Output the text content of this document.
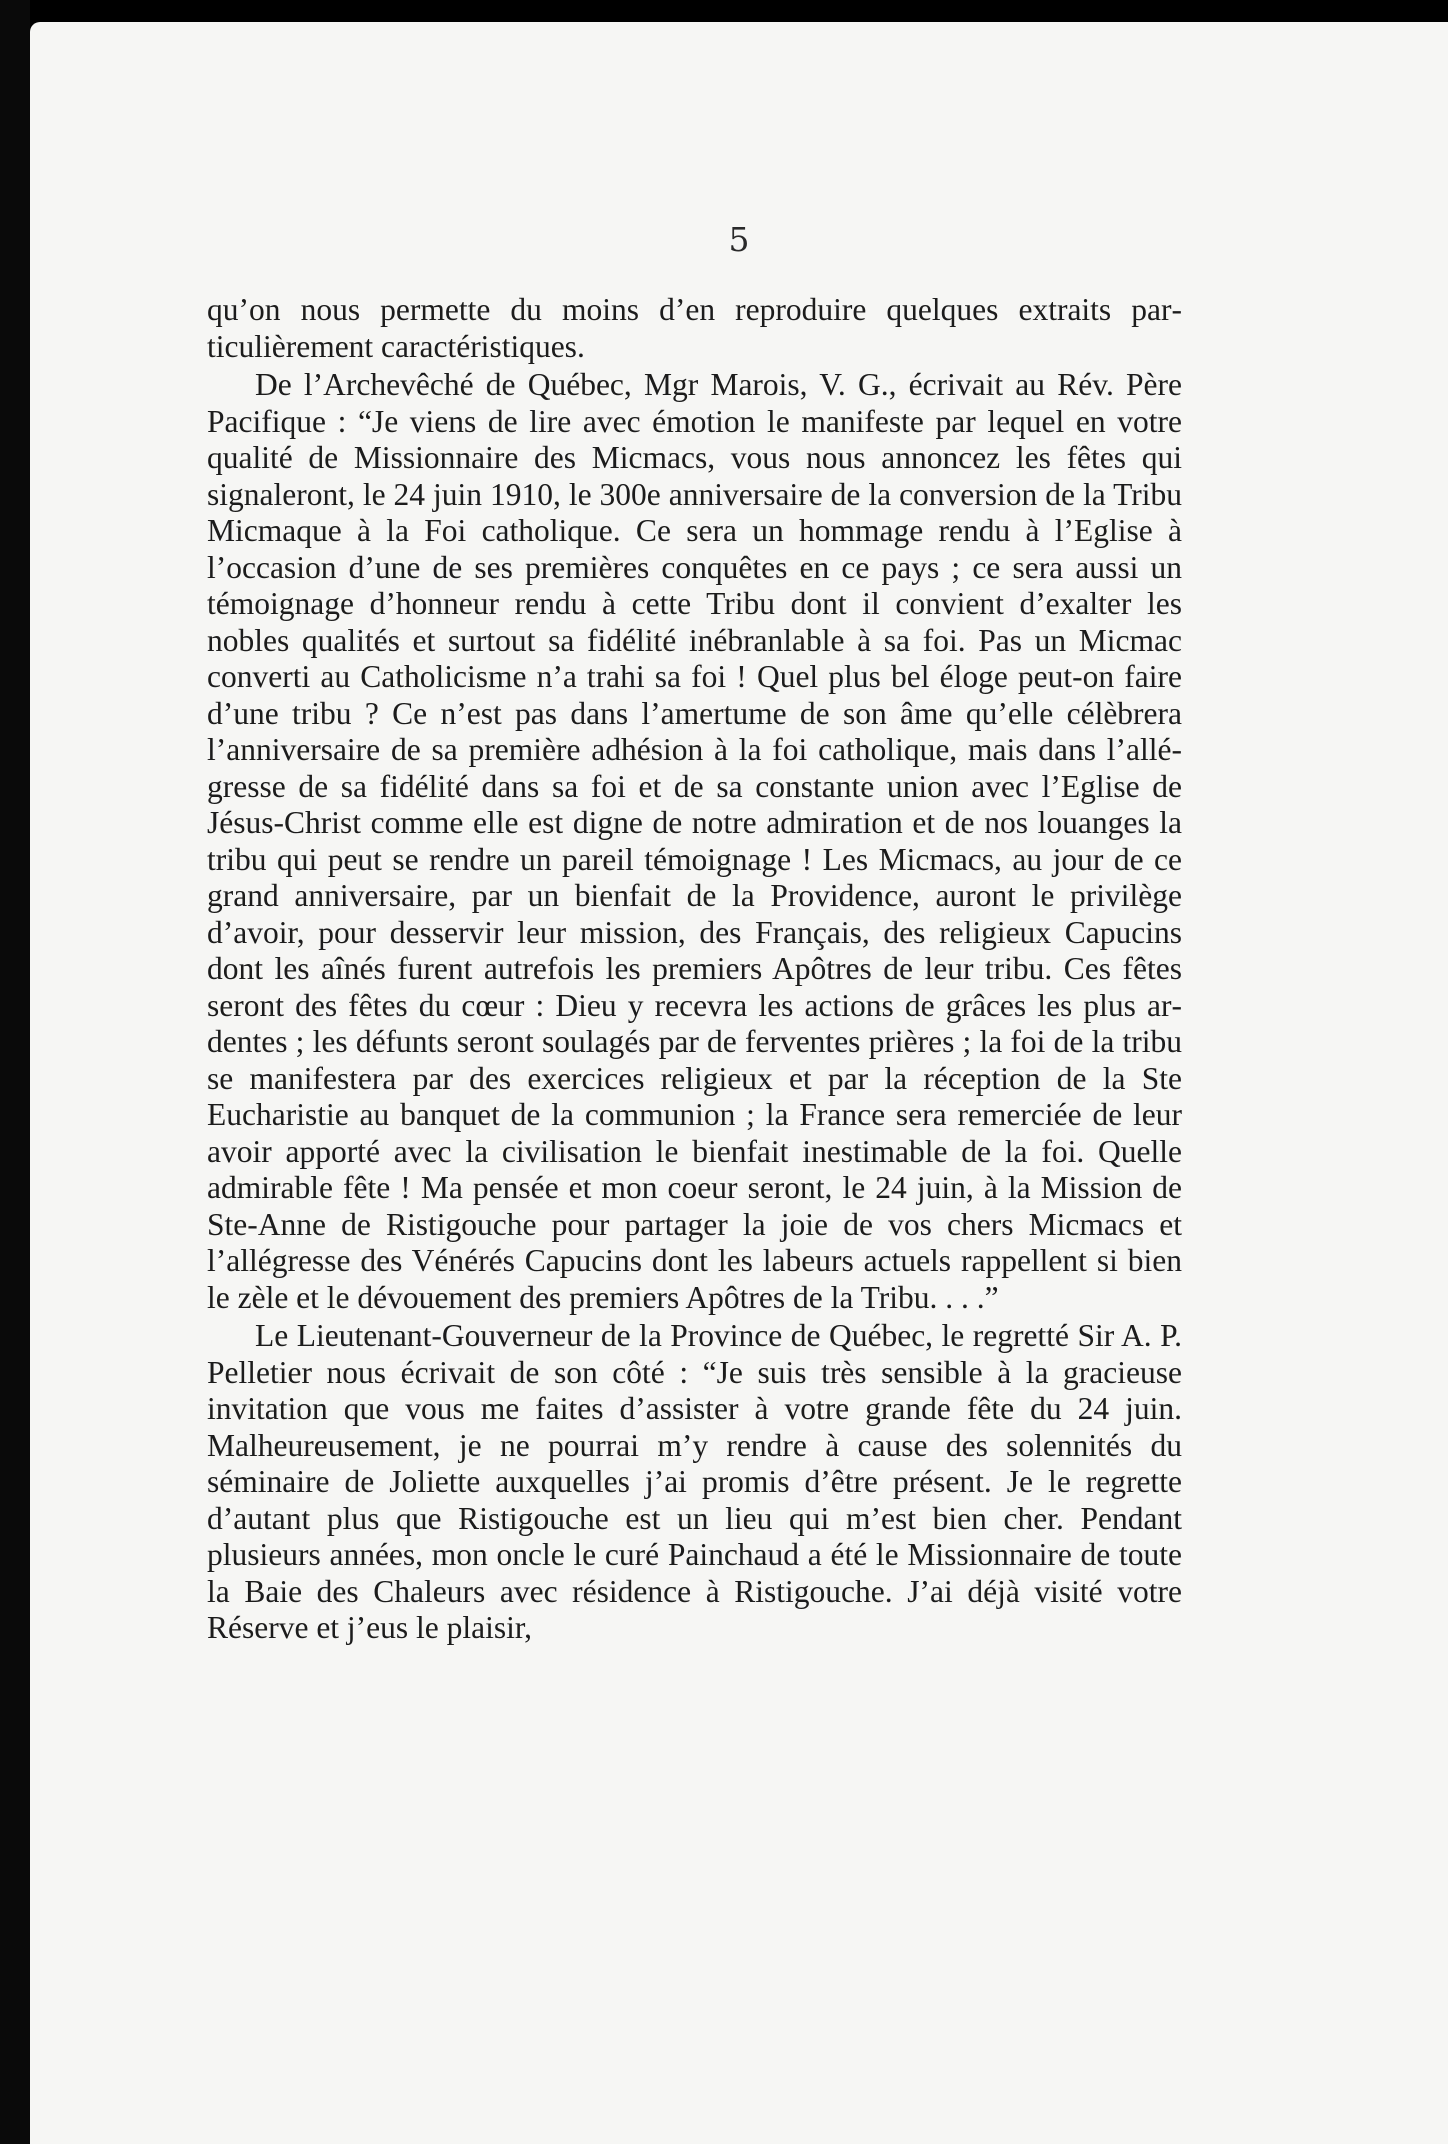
5

qu’on nous permette du moins d’en reproduire quelques extraits particulièrement caractéristiques.

De l’Archevêché de Québec, Mgr Marois, V. G., écrivait au Rév. Père Pacifique : “Je viens de lire avec émotion le manifeste par lequel en votre qualité de Missionnaire des Micmacs, vous nous annoncez les fêtes qui signaleront, le 24 juin 1910, le 300e anniversaire de la conversion de la Tribu Micmaque à la Foi catholique. Ce sera un hommage rendu à l’Eglise à l’occasion d’une de ses premières conquêtes en ce pays ; ce sera aussi un témoignage d’honneur rendu à cette Tribu dont il convient d’exalter les nobles qualités et surtout sa fidélité inébranlable à sa foi. Pas un Micmac converti au Catholicisme n’a trahi sa foi ! Quel plus bel éloge peut-on faire d’une tribu ? Ce n’est pas dans l’amertume de son âme qu’elle célèbrera l’anniversaire de sa première adhésion à la foi catholique, mais dans l’allégresse de sa fidélité dans sa foi et de sa constante union avec l’Eglise de Jésus-Christ comme elle est digne de notre admiration et de nos louanges la tribu qui peut se rendre un pareil témoignage ! Les Micmacs, au jour de ce grand anniversaire, par un bienfait de la Providence, auront le privilège d’avoir, pour desservir leur mission, des Français, des religieux Capucins dont les aînés furent autrefois les premiers Apôtres de leur tribu. Ces fêtes seront des fêtes du cœur : Dieu y recevra les actions de grâces les plus ardentes ; les défunts seront soulagés par de ferventes prières ; la foi de la tribu se manifestera par des exercices religieux et par la réception de la Ste Eucharistie au banquet de la communion ; la France sera remerciée de leur avoir apporté avec la civilisation le bienfait inestimable de la foi. Quelle admirable fête ! Ma pensée et mon coeur seront, le 24 juin, à la Mission de Ste-Anne de Ristigouche pour partager la joie de vos chers Micmacs et l’allégresse des Vénérés Capucins dont les labeurs actuels rappellent si bien le zèle et le dévouement des premiers Apôtres de la Tribu. . . .”

Le Lieutenant-Gouverneur de la Province de Québec, le regretté Sir A. P. Pelletier nous écrivait de son côté : “Je suis très sensible à la gracieuse invitation que vous me faites d’assister à votre grande fête du 24 juin. Malheureusement, je ne pourrai m’y rendre à cause des solennités du séminaire de Joliette auxquelles j’ai promis d’être présent. Je le regrette d’autant plus que Ristigouche est un lieu qui m’est bien cher. Pendant plusieurs années, mon oncle le curé Painchaud a été le Missionnaire de toute la Baie des Chaleurs avec résidence à Ristigouche. J’ai déjà visité votre Réserve et j’eus le plaisir,
